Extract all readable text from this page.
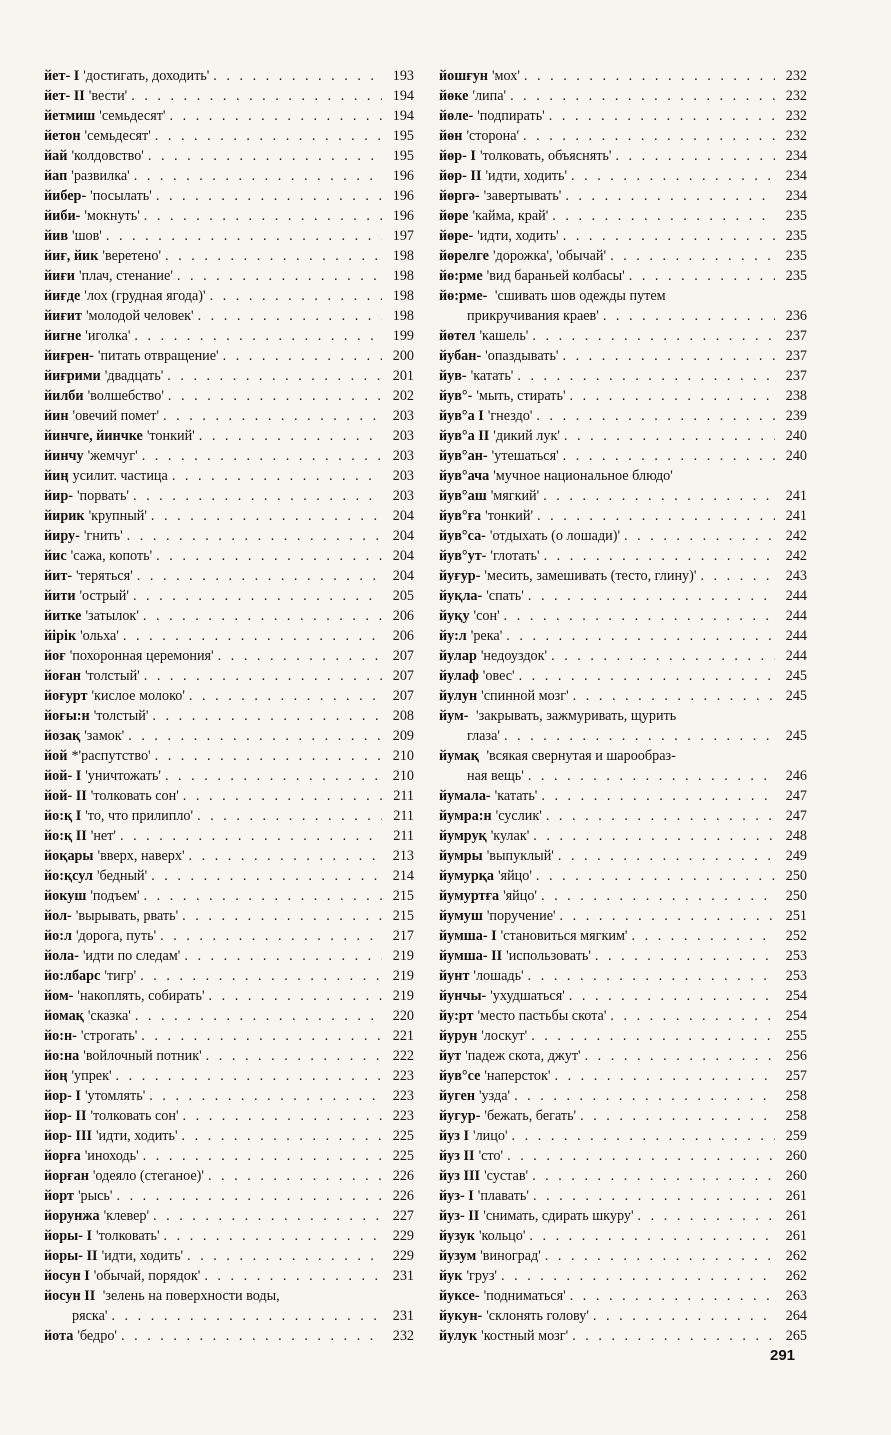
йет- I 'достигать, доходить' . . .	193
йет- II 'вести' . . .	194
йетмиш 'семьдесят' . . .	194
йетон 'семьдесят' . . .	195
йай 'колдовство' . . .	195
йап 'развилка' . . .	196
йибер- 'посылать' . . .	196
йиби- 'мокнуть' . . .	196
йив 'шов' . . .	197
йиғ, йик 'веретено' . . .	198
йиғи 'плач, стенание' . . .	198
йиғде 'лох (грудная ягода)' . . .	198
йиғит 'молодой человек' . . .	198
йигне 'иголка' . . .	199
йиғрен- 'питать отвращение' . . .	200
йиғрими 'двадцать' . . .	201
йилби 'волшебство' . . .	202
йин 'овечий помет' . . .	203
йинчге, йинчке 'тонкий' . . .	203
йинчу 'жемчуг' . . .	203
йиң усилит. частица . . .	203
йир- 'порвать' . . .	203
йирик 'крупный' . . .	204
йиру- 'гнить' . . .	204
йис 'сажа, копоть' . . .	204
йит- 'теряться' . . .	204
йити 'острый' . . .	205
йитке 'затылок' . . .	206
йiрiк 'ольха' . . .	206
йоғ 'похоронная церемония' . . .	207
йоған 'толстый' . . .	207
йоғурт 'кислое молоко' . . .	207
йоғы:н 'толстый' . . .	208
йозақ 'замок' . . .	209
йой *'распутство' . . .	210
йой- I 'уничтожать' . . .	210
йой- II 'толковать сон' . . .	211
йо:қ I 'то, что прилипло' . . .	211
йо:қ II 'нет' . . .	211
йоқары 'вверх, наверх' . . .	213
йо:қсул 'бедный' . . .	214
йокуш 'подъем' . . .	215
йол- 'вырывать, рвать' . . .	215
йо:л 'дорога, путь' . . .	217
йола- 'идти по следам' . . .	219
йо:лбарс 'тигр' . . .	219
йом- 'накоплять, собирать' . . .	219
йомақ 'сказка' . . .	220
йо:н- 'строгать' . . .	221
йо:на 'войлочный потник' . . .	222
йоң 'упрек' . . .	223
йор- I 'утомлять' . . .	223
йор- II 'толковать сон' . . .	223
йор- III 'идти, ходить' . . .	225
йорға 'иноходь' . . .	225
йорған 'одеяло (стеганое)' . . .	226
йорт 'рысь' . . .	226
йорунжа 'клевер' . . .	227
йоры- I 'толковать' . . .	229
йоры- II 'идти, ходить' . . .	229
йосун I 'обычай, порядок' . . .	231
йосун II 'зелень на поверхности воды,
ряска' . . .	231
йота 'бедро' . . .	232
йошғун 'мох' . . .	232
йөке 'липа' . . .	232
йөле- 'подпирать' . . .	232
йөн 'сторона' . . .	232
йөр- I 'толковать, объяснять' . . .	234
йөр- II 'идти, ходить' . . .	234
йөргә- 'завертывать' . . .	234
йөре 'кайма, край' . . .	235
йөре- 'идти, ходить' . . .	235
йөрелге 'дорожка', 'обычай' . . .	235
йө:рме 'вид бараньей колбасы' . . .	235
йө:рме- 'сшивать шов одежды путем
прикручивания краев' . . .	236
йөтел 'кашель' . . .	237
йубан- 'опаздывать' . . .	237
йув- 'катать' . . .	237
йув°- 'мыть, стирать' . . .	238
йув°а I 'гнездо' . . .	239
йув°а II 'дикий лук' . . .	240
йув°ан- 'утешаться' . . .	240
йув°ача 'мучное национальное блюдо'
йув°аш 'мягкий' . . .	241
йув°ға 'тонкий' . . .	241
йув°са- 'отдыхать (о лошади)' . . .	242
йув°ут- 'глотать' . . .	242
йуғур- 'месить, замешивать (тесто, глину)' . . .	243
йуқла- 'спать' . . .	244
йуқу 'сон' . . .	244
йу:л 'река' . . .	244
йулар 'недоуздок' . . .	244
йулаф 'овес' . . .	245
йулун 'спинной мозг' . . .	245
йум- 'закрывать, зажмуривать, щурить
глаза' . . .	245
йумақ 'всякая свернутая и шарообраз-
ная вещь' . . .	246
йумала- 'катать' . . .	247
йумра:н 'суслик' . . .	247
йумруқ 'кулак' . . .	248
йумры 'выпуклый' . . .	249
йумурқа 'яйцо' . . .	250
йумуртға 'яйцо' . . .	250
йумуш 'поручение' . . .	251
йумша- I 'становиться мягким' . . .	252
йумша- II 'использовать' . . .	253
йунт 'лошадь' . . .	253
йунчы- 'ухудшаться' . . .	254
йу:рт 'место пастьбы скота' . . .	254
йурун 'лоскут' . . .	255
йут 'падеж скота, джут' . . .	256
йув°се 'наперсток' . . .	257
йуген 'узда' . . .	258
йугур- 'бежать, бегать' . . .	258
йуз I 'лицо' . . .	259
йуз II 'сто' . . .	260
йуз III 'сустав' . . .	260
йуз- I 'плавать' . . .	261
йуз- II 'снимать, сдирать шкуру' . . .	261
йузук 'кольцо' . . .	261
йузум 'виноград' . . .	262
йук 'груз' . . .	262
йуксе- 'подниматься' . . .	263
йукун- 'склонять голову' . . .	264
йулук 'костный мозг' . . .	265
291
